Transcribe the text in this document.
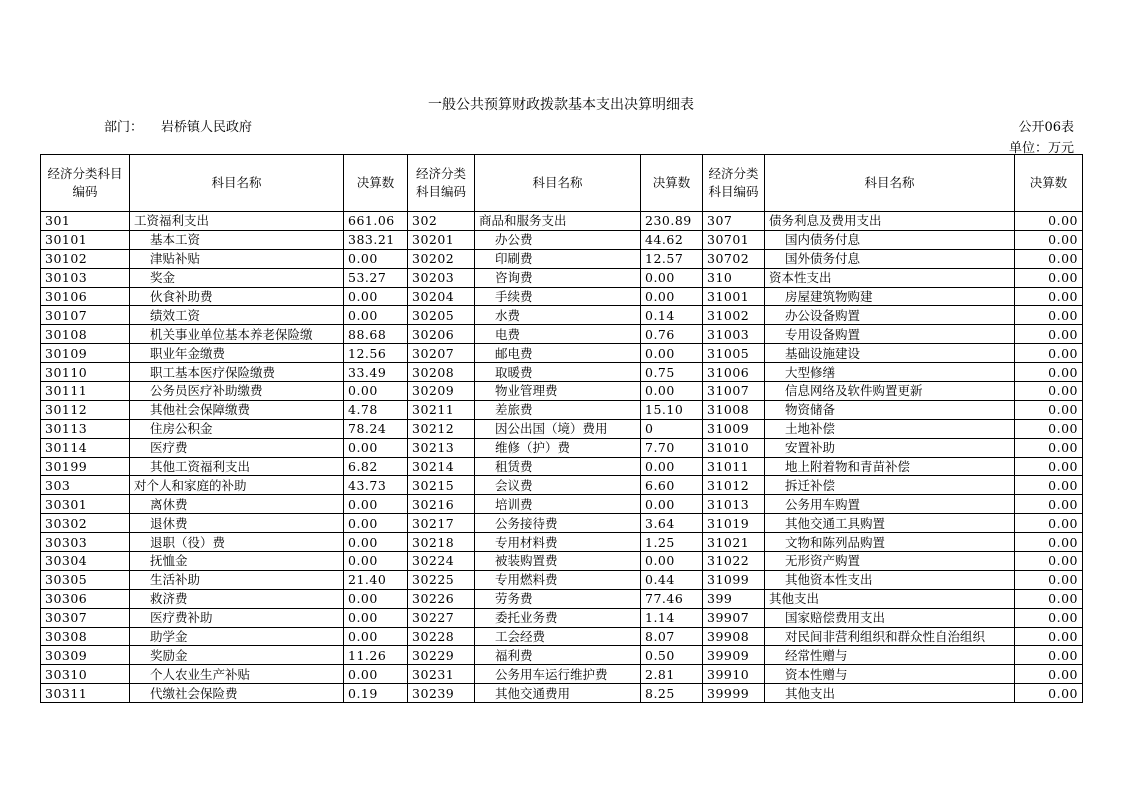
一般公共预算财政拨款基本支出决算明细表
部门： 岩桥镇人民政府	公开06表
单位：万元
经济分类科目编码	科目名称	决算数	经济分类科目编码	科目名称	决算数	经济分类科目编码	科目名称	决算数
301	工资福利支出	661.06	302	商品和服务支出	230.89	307	债务利息及费用支出	0.00
30101	基本工资	383.21	30201	办公费	44.62	30701	国内债务付息	0.00
30102	津贴补贴	0.00	30202	印刷费	12.57	30702	国外债务付息	0.00
30103	奖金	53.27	30203	咨询费	0.00	310	资本性支出	0.00
30106	伙食补助费	0.00	30204	手续费	0.00	31001	房屋建筑物购建	0.00
30107	绩效工资	0.00	30205	水费	0.14	31002	办公设备购置	0.00
30108	机关事业单位基本养老保险缴	88.68	30206	电费	0.76	31003	专用设备购置	0.00
30109	职业年金缴费	12.56	30207	邮电费	0.00	31005	基础设施建设	0.00
30110	职工基本医疗保险缴费	33.49	30208	取暖费	0.75	31006	大型修缮	0.00
30111	公务员医疗补助缴费	0.00	30209	物业管理费	0.00	31007	信息网络及软件购置更新	0.00
30112	其他社会保障缴费	4.78	30211	差旅费	15.10	31008	物资储备	0.00
30113	住房公积金	78.24	30212	因公出国（境）费用	0	31009	土地补偿	0.00
30114	医疗费	0.00	30213	维修（护）费	7.70	31010	安置补助	0.00
30199	其他工资福利支出	6.82	30214	租赁费	0.00	31011	地上附着物和青苗补偿	0.00
303	对个人和家庭的补助	43.73	30215	会议费	6.60	31012	拆迁补偿	0.00
30301	离休费	0.00	30216	培训费	0.00	31013	公务用车购置	0.00
30302	退休费	0.00	30217	公务接待费	3.64	31019	其他交通工具购置	0.00
30303	退职（役）费	0.00	30218	专用材料费	1.25	31021	文物和陈列品购置	0.00
30304	抚恤金	0.00	30224	被装购置费	0.00	31022	无形资产购置	0.00
30305	生活补助	21.40	30225	专用燃料费	0.44	31099	其他资本性支出	0.00
30306	救济费	0.00	30226	劳务费	77.46	399	其他支出	0.00
30307	医疗费补助	0.00	30227	委托业务费	1.14	39907	国家赔偿费用支出	0.00
30308	助学金	0.00	30228	工会经费	8.07	39908	对民间非营利组织和群众性自治组织	0.00
30309	奖励金	11.26	30229	福利费	0.50	39909	经常性赠与	0.00
30310	个人农业生产补贴	0.00	30231	公务用车运行维护费	2.81	39910	资本性赠与	0.00
30311	代缴社会保险费	0.19	30239	其他交通费用	8.25	39999	其他支出	0.00
